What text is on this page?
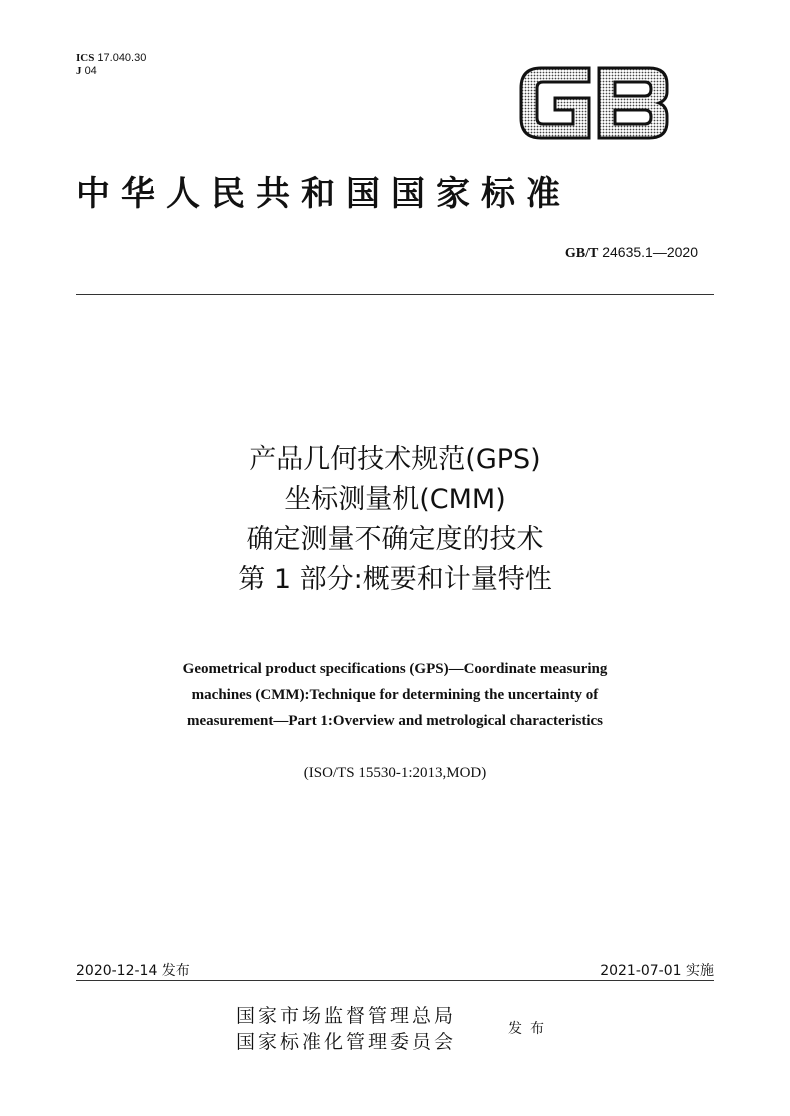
ICS 17.040.30
J 04
中华人民共和国国家标准
GB/T 24635.1—2020
产品几何技术规范(GPS)
坐标测量机(CMM)
确定测量不确定度的技术
第 1 部分:概要和计量特性
Geometrical product specifications (GPS)—Coordinate measuring
machines (CMM):Technique for determining the uncertainty of
measurement—Part 1:Overview and metrological characteristics
(ISO/TS 15530-1:2013,MOD)
2020-12-14 发布	2021-07-01 实施
国家市场监督管理总局
国家标准化管理委员会
发布
